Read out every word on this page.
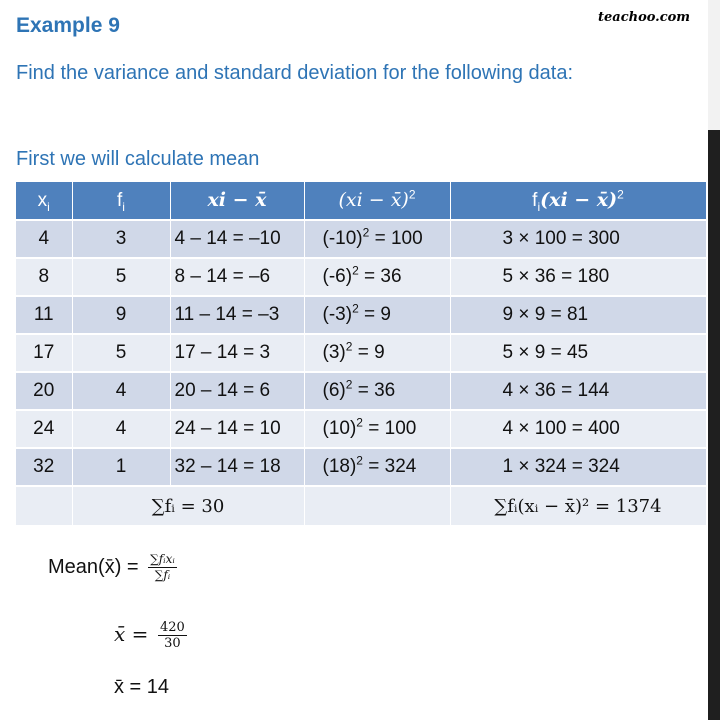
Example 9	teachoo.com
Find the variance and standard deviation for the following data:
First we will calculate mean
$x_i$	$f_i$	xi − x̄	(xi − x̄)$^2$	$f_i(xi$ − x̄)$^2$
4	3	4 – 14 = –10	$(-10)^2 = 100$	3 × 100 = 300
8	5	8 – 14 = –6	$(-6)^2 = 36$	5 × 36 = 180
11	9	11 – 14 = –3	$(-3)^2 = 9$	9 × 9 = 81
17	5	17 – 14 = 3	$(3)^2 = 9$	5 × 9 = 45
20	4	20 – 14 = 6	$(6)^2 = 36$	4 × 36 = 144
24	4	24 – 14 = 10	$(10)^2 = 100$	4 × 100 = 400
32	1	32 – 14 = 18	$(18)^2 = 324$	1 × 324 = 324
	∑fᵢ = 30			∑fᵢ(xᵢ − x̄)² = 1374
Mean(x̄) = $\frac{\text{∑fᵢxᵢ}}{\text{∑fᵢ}}$
x̄ = $\frac{420}{30}$
x̄ = 14
